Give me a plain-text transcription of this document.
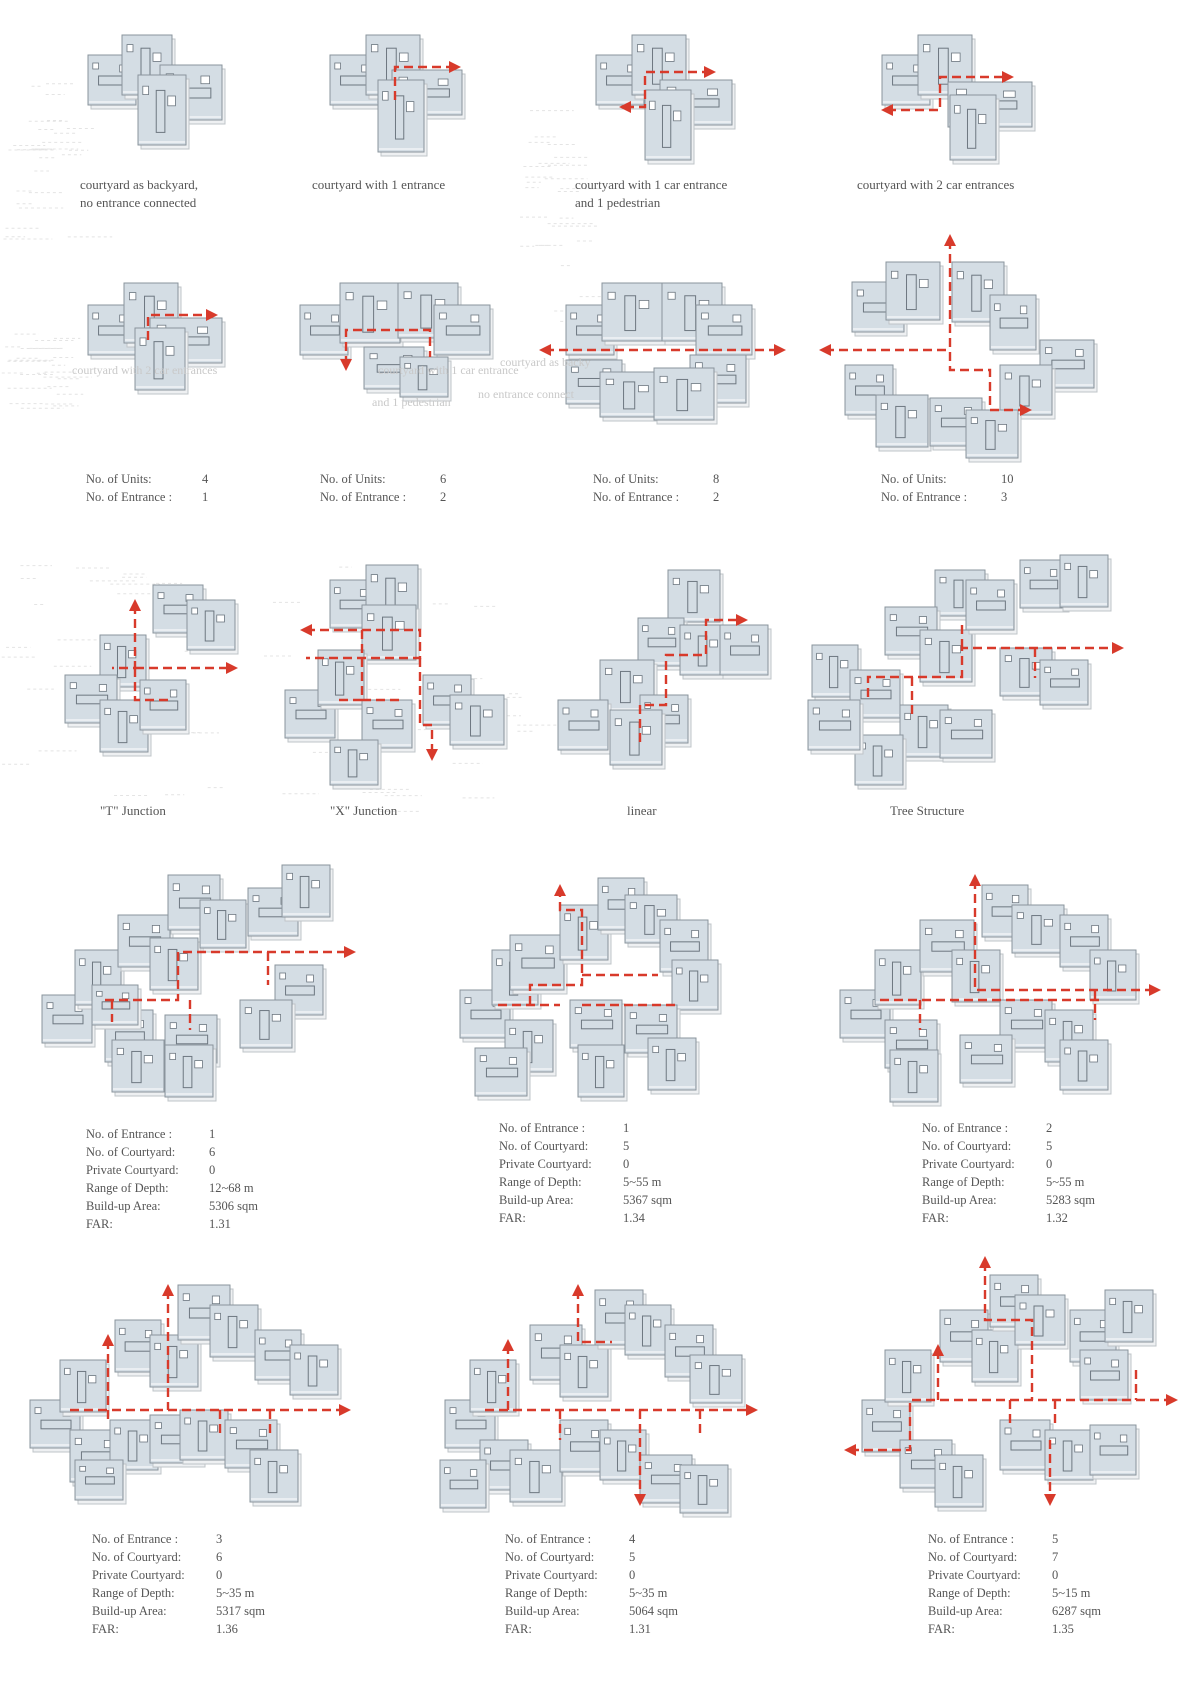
courtyard as backyard,
no entrance connected
courtyard with 1 entrance	courtyard with 1 car entrance
and 1 pedestrian
courtyard with 2 car entrances
courtyard with 2 car entrances	courtyard with 1 car entrance
courtyard as backy
and 1 pedestrian
no entrance connect
No. of Units:	4
No. of Entrance :	1
No. of Units:	6
No. of Entrance :	2
No. of Units:	8
No. of Entrance :	2
No. of Units:	10
No. of Entrance :	3
"T" Junction	"X" Junction	linear	Tree Structure
No. of Entrance :	1
No. of Courtyard:	6
Private Courtyard:	0
Range of Depth:	12~68 m
Build-up Area:	5306 sqm
FAR:	1.31
No. of Entrance :	1
No. of Courtyard:	5
Private Courtyard:	0
Range of Depth:	5~55 m
Build-up Area:	5367 sqm
FAR:	1.34
No. of Entrance :	2
No. of Courtyard:	5
Private Courtyard:	0
Range of Depth:	5~55 m
Build-up Area:	5283 sqm
FAR:	1.32
No. of Entrance :	3
No. of Courtyard:	6
Private Courtyard:	0
Range of Depth:	5~35 m
Build-up Area:	5317 sqm
FAR:	1.36
No. of Entrance :	4
No. of Courtyard:	5
Private Courtyard:	0
Range of Depth:	5~35 m
Build-up Area:	5064 sqm
FAR:	1.31
No. of Entrance :	5
No. of Courtyard:	7
Private Courtyard:	0
Range of Depth:	5~15 m
Build-up Area:	6287 sqm
FAR:	1.35
